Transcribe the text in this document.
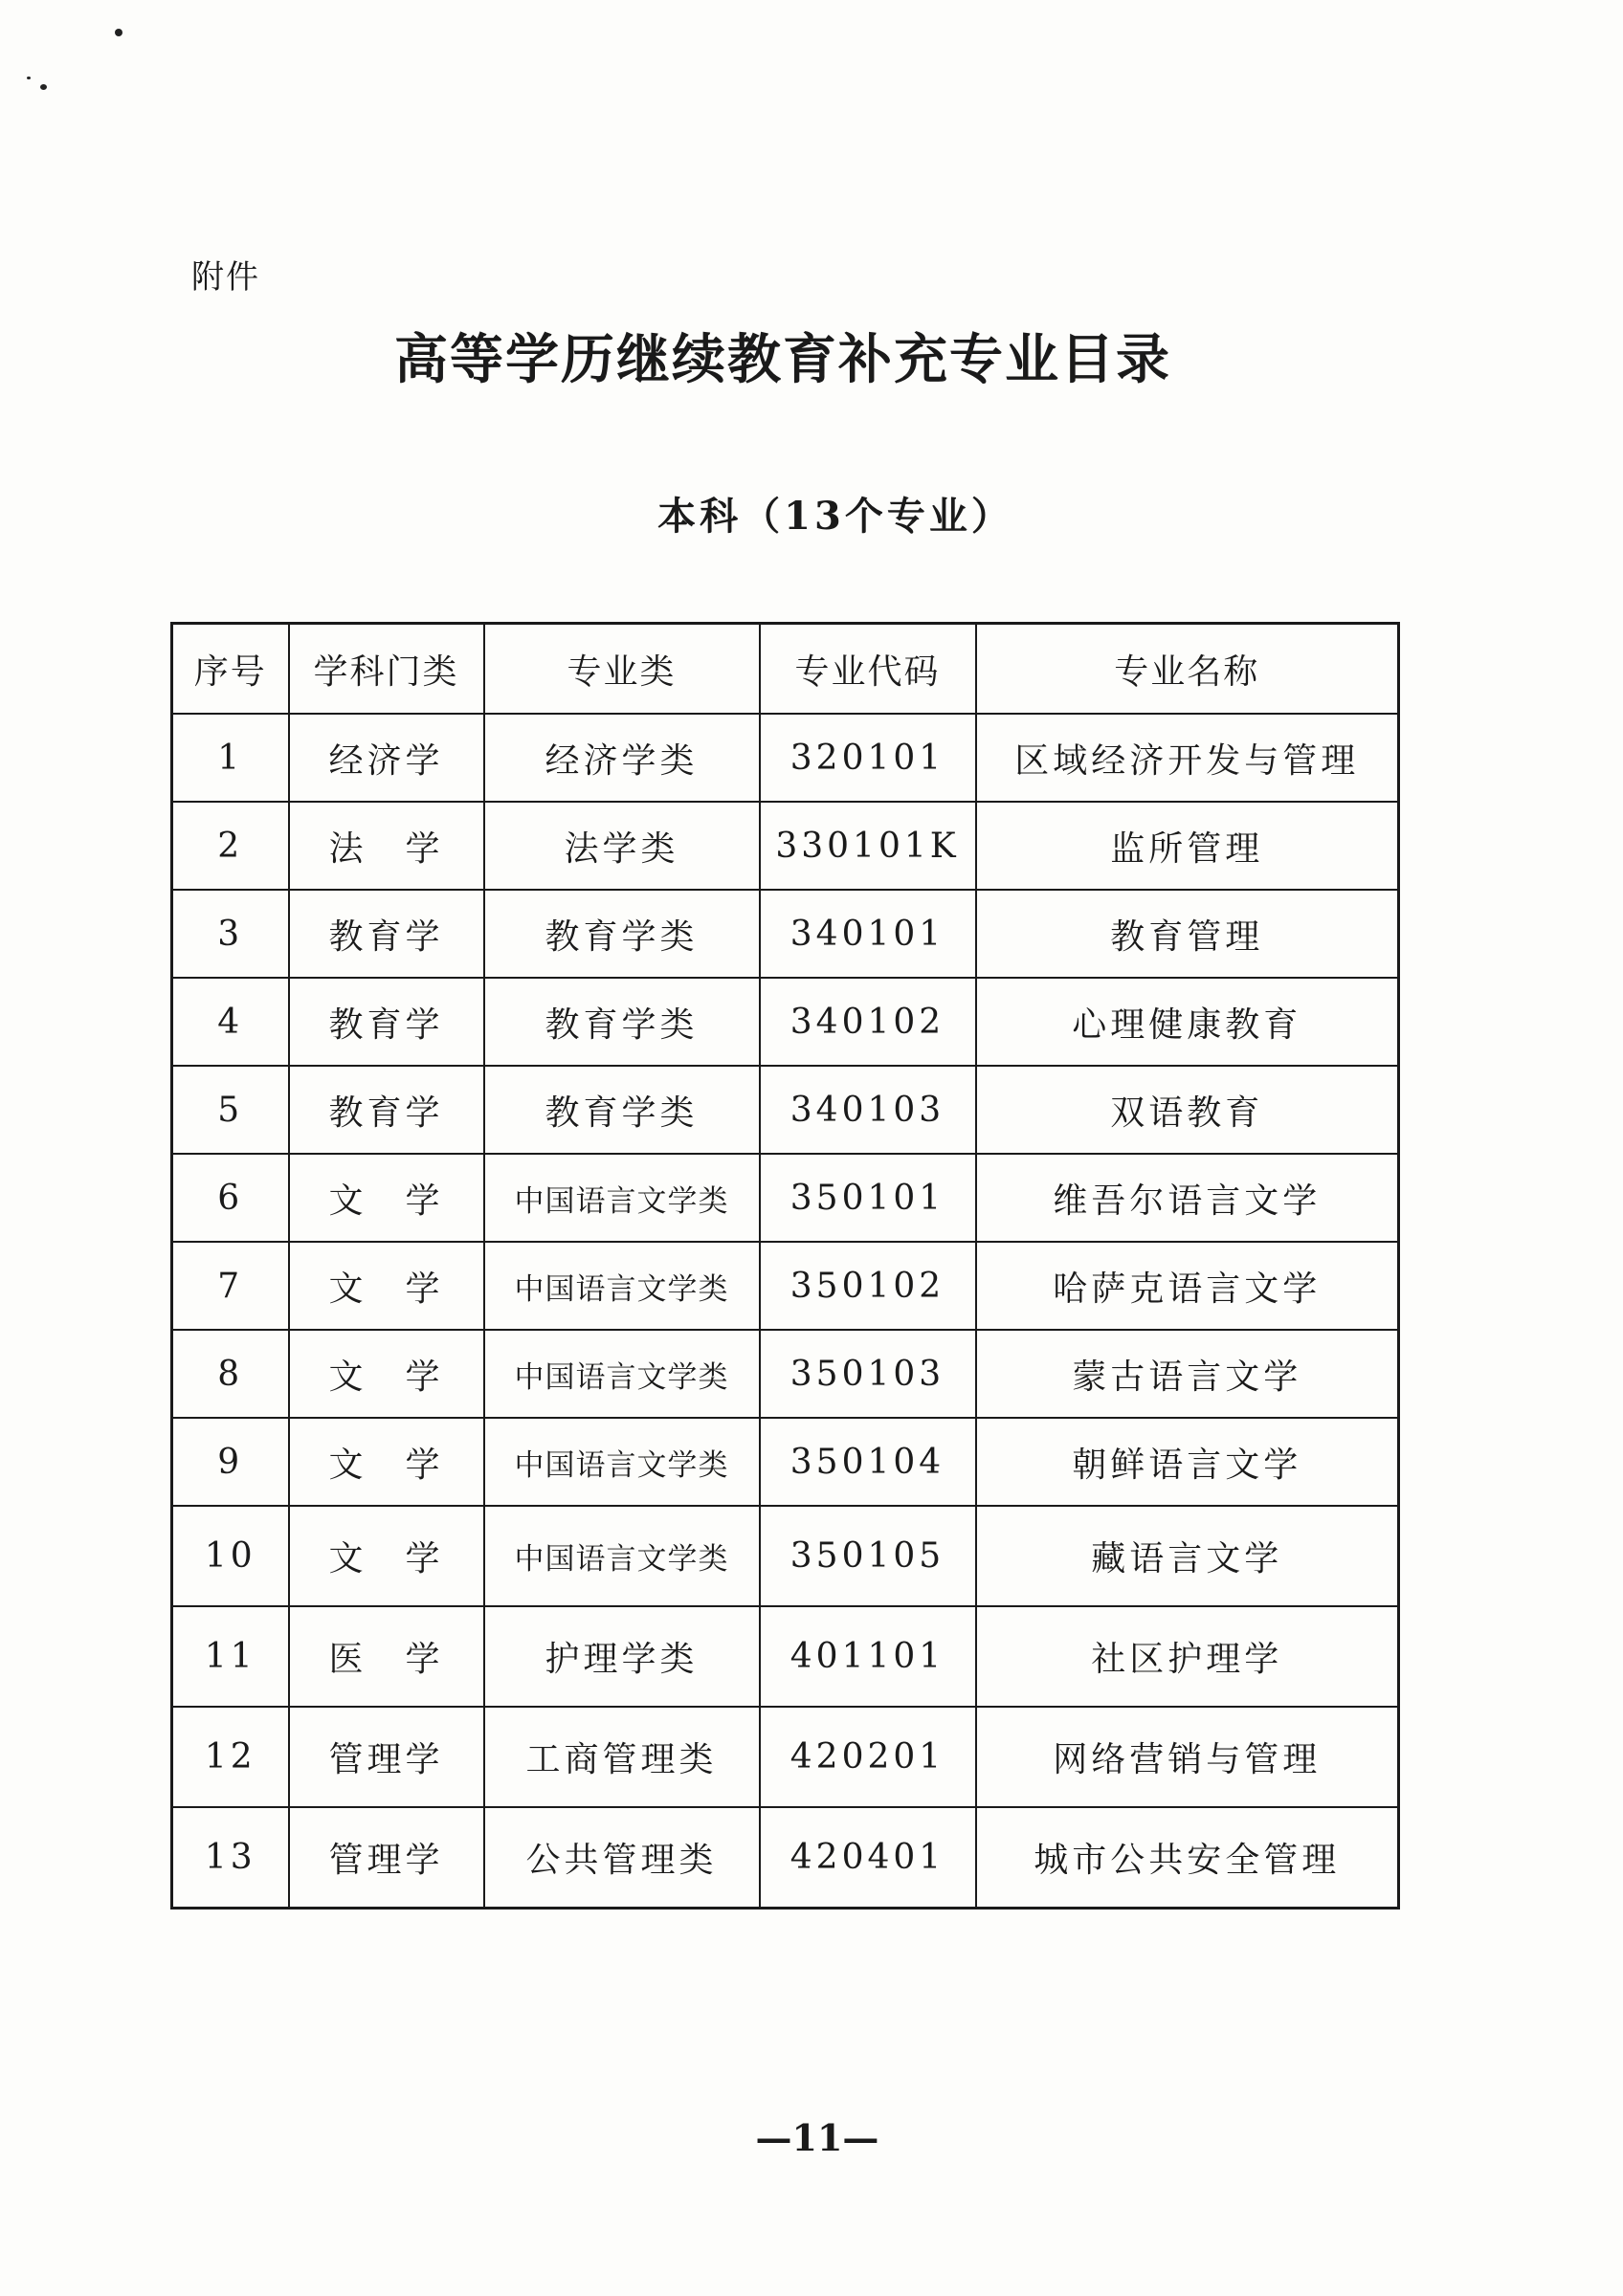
附件
高等学历继续教育补充专业目录
本科（13个专业）
序号	学科门类	专业类	专业代码	专业名称
1	经济学	经济学类	320101	区域经济开发与管理
2	法　学	法学类	330101K	监所管理
3	教育学	教育学类	340101	教育管理
4	教育学	教育学类	340102	心理健康教育
5	教育学	教育学类	340103	双语教育
6	文　学	中国语言文学类	350101	维吾尔语言文学
7	文　学	中国语言文学类	350102	哈萨克语言文学
8	文　学	中国语言文学类	350103	蒙古语言文学
9	文　学	中国语言文学类	350104	朝鲜语言文学
10	文　学	中国语言文学类	350105	藏语言文学
11	医　学	护理学类	401101	社区护理学
12	管理学	工商管理类	420201	网络营销与管理
13	管理学	公共管理类	420401	城市公共安全管理
—11—
